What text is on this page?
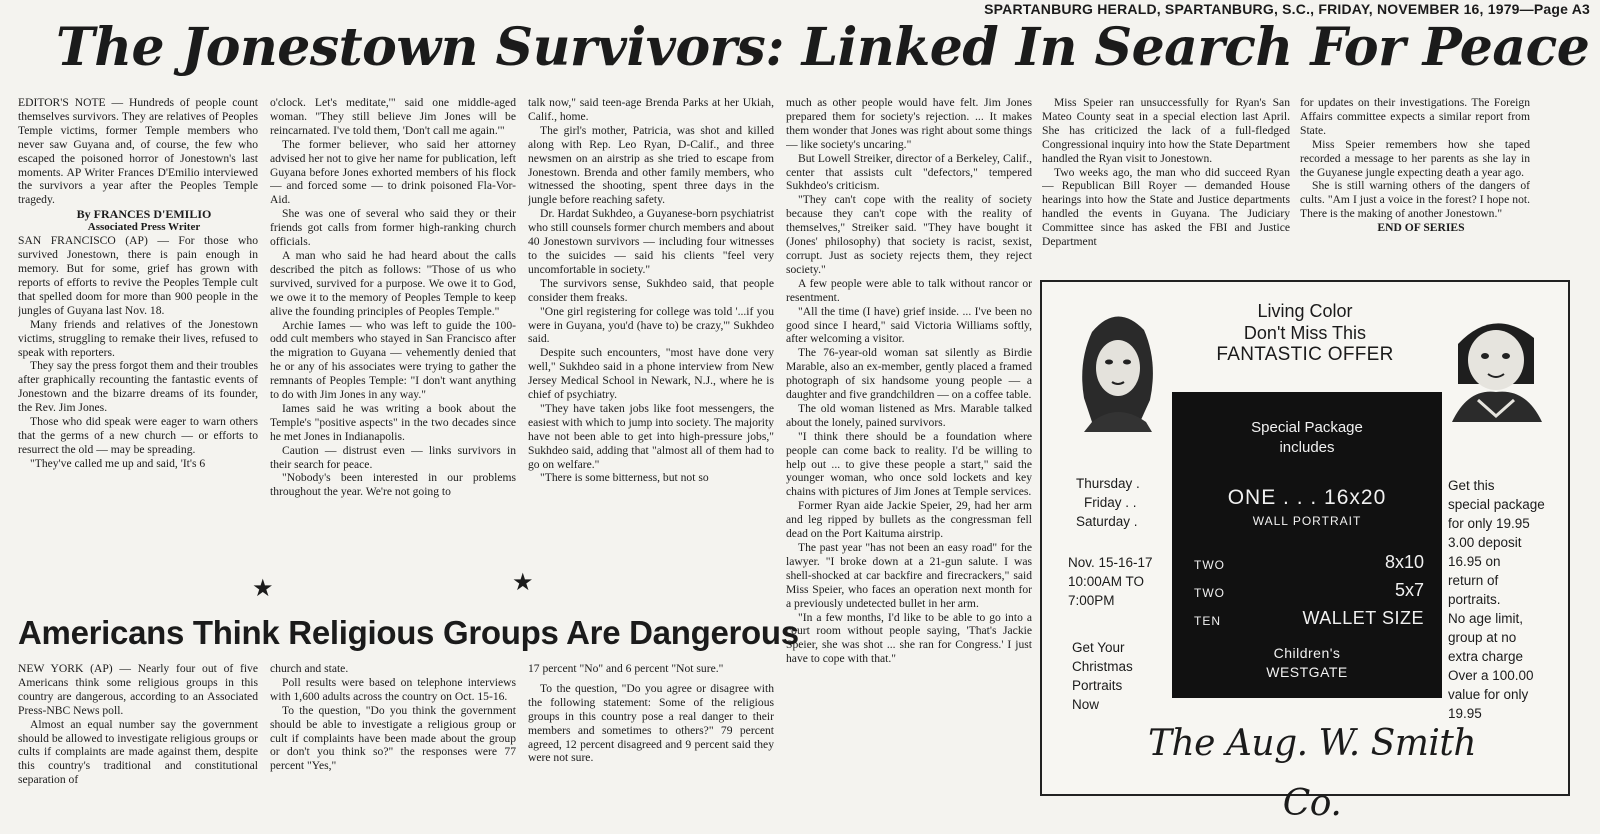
SPARTANBURG HERALD, SPARTANBURG, S.C., FRIDAY, NOVEMBER 16, 1979—Page A3
The Jonestown Survivors: Linked In Search For Peace

EDITOR'S NOTE — Hundreds of people count themselves survivors. They are relatives of Peoples Temple victims, former Temple members who never saw Guyana and, of course, the few who escaped the poisoned horror of Jonestown's last moments. AP Writer Frances D'Emilio interviewed the survivors a year after the Peoples Temple tragedy.

By FRANCES D'EMILIO

Associated Press Writer

SAN FRANCISCO (AP) — For those who survived Jonestown, there is pain enough in memory. But for some, grief has grown with reports of efforts to revive the Peoples Temple cult that spelled doom for more than 900 people in the jungles of Guyana last Nov. 18.

Many friends and relatives of the Jonestown victims, struggling to remake their lives, refused to speak with reporters.

They say the press forgot them and their troubles after graphically recounting the fantastic events of Jonestown and the bizarre dreams of its founder, the Rev. Jim Jones.

Those who did speak were eager to warn others that the germs of a new church — or efforts to resurrect the old — may be spreading.

"They've called me up and said, 'It's 6

o'clock. Let's meditate,'" said one middle-aged woman. "They still believe Jim Jones will be reincarnated. I've told them, 'Don't call me again.'"

The former believer, who said her attorney advised her not to give her name for publication, left Guyana before Jones exhorted members of his flock — and forced some — to drink poisoned Fla-Vor-Aid.

She was one of several who said they or their friends got calls from former high-ranking church officials.

A man who said he had heard about the calls described the pitch as follows: "Those of us who survived, survived for a purpose. We owe it to God, we owe it to the memory of Peoples Temple to keep alive the founding principles of Peoples Temple."

Archie Iames — who was left to guide the 100-odd cult members who stayed in San Francisco after the migration to Guyana — vehemently denied that he or any of his associates were trying to gather the remnants of Peoples Temple: "I don't want anything to do with Jim Jones in any way."

Iames said he was writing a book about the Temple's "positive aspects" in the two decades since he met Jones in Indianapolis.

Caution — distrust even — links survivors in their search for peace.

"Nobody's been interested in our problems throughout the year. We're not going to

talk now," said teen-age Brenda Parks at her Ukiah, Calif., home.

The girl's mother, Patricia, was shot and killed along with Rep. Leo Ryan, D-Calif., and three newsmen on an airstrip as she tried to escape from Jonestown. Brenda and other family members, who witnessed the shooting, spent three days in the jungle before reaching safety.

Dr. Hardat Sukhdeo, a Guyanese-born psychiatrist who still counsels former church members and about 40 Jonestown survivors — including four witnesses to the suicides — said his clients "feel very uncomfortable in society."

The survivors sense, Sukhdeo said, that people consider them freaks.

"One girl registering for college was told '...if you were in Guyana, you'd (have to) be crazy,'" Sukhdeo said.

Despite such encounters, "most have done very well," Sukhdeo said in a phone interview from New Jersey Medical School in Newark, N.J., where he is chief of psychiatry.

"They have taken jobs like foot messengers, the easiest with which to jump into society. The majority have not been able to get into high-pressure jobs," Sukhdeo said, adding that "almost all of them had to go on welfare."

"There is some bitterness, but not so

much as other people would have felt. Jim Jones prepared them for society's rejection. ... It makes them wonder that Jones was right about some things — like society's uncaring."

But Lowell Streiker, director of a Berkeley, Calif., center that assists cult "defectors," tempered Sukhdeo's criticism.

"They can't cope with the reality of society because they can't cope with the reality of themselves," Streiker said. "They have bought it (Jones' philosophy) that society is racist, sexist, corrupt. Just as society rejects them, they reject society."

A few people were able to talk without rancor or resentment.

"All the time (I have) grief inside. ... I've been no good since I heard," said Victoria Williams softly, after welcoming a visitor.

The 76-year-old woman sat silently as Birdie Marable, also an ex-member, gently placed a framed photograph of six handsome young people — a daughter and five grandchildren — on a coffee table.

The old woman listened as Mrs. Marable talked about the lonely, pained survivors.

"I think there should be a foundation where people can come back to reality. I'd be willing to help out ... to give these people a start," said the younger woman, who once sold lockets and key chains with pictures of Jim Jones at Temple services.

Former Ryan aide Jackie Speier, 29, had her arm and leg ripped by bullets as the congressman fell dead on the Port Kaituma airstrip.

The past year "has not been an easy road" for the lawyer. "I broke down at a 21-gun salute. I was shell-shocked at car backfire and firecrackers," said Miss Speier, who faces an operation next month for a previously undetected bullet in her arm.

"In a few months, I'd like to be able to go into a court room without people saying, 'That's Jackie Speier, she was shot ... she ran for Congress.' I just have to cope with that."

Miss Speier ran unsuccessfully for Ryan's San Mateo County seat in a special election last April. She has criticized the lack of a full-fledged Congressional inquiry into how the State Department handled the Ryan visit to Jonestown.

Two weeks ago, the man who did succeed Ryan — Republican Bill Royer — demanded House hearings into how the State and Justice departments handled the events in Guyana. The Judiciary Committee since has asked the FBI and Justice Department

for updates on their investigations. The Foreign Affairs committee expects a similar report from State.

Miss Speier remembers how she taped recorded a message to her parents as she lay in the Guyanese jungle expecting death a year ago.

She is still warning others of the dangers of cults. "Am I just a voice in the forest? I hope not. There is the making of another Jonestown."

END OF SERIES

★	★
Americans Think Religious Groups Are Dangerous

NEW YORK (AP) — Nearly four out of five Americans think some religious groups in this country are dangerous, according to an Associated Press-NBC News poll.

Almost an equal number say the government should be allowed to investigate religious groups or cults if complaints are made against them, despite this country's traditional and constitutional separation of

church and state.

Poll results were based on telephone interviews with 1,600 adults across the country on Oct. 15-16.

To the question, "Do you think the government should be able to investigate a religious group or cult if complaints have been made about the group or don't you think so?" the responses were 77 percent "Yes,"

17 percent "No" and 6 percent "Not sure."

To the question, "Do you agree or disagree with the following statement: Some of the religious groups in this country pose a real danger to their members and sometimes to others?" 79 percent agreed, 12 percent disagreed and 9 percent said they were not sure.

Living Color
Don't Miss This
FANTASTIC OFFER
Special Package
includes
ONE . . . 16x20
WALL PORTRAIT
TWO	8x10
TWO	5x7
TEN	WALLET SIZE
Children's
WESTGATE
Thursday .
Friday . .
Saturday .
Nov. 15-16-17
10:00AM TO
7:00PM
Get Your
Christmas
Portraits
Now
Get this
special package
for only 19.95
3.00 deposit
16.95 on
return of
portraits.
No age limit,
group at no
extra charge
Over a 100.00
value for only
19.95
The Aug. W. Smith Co.
